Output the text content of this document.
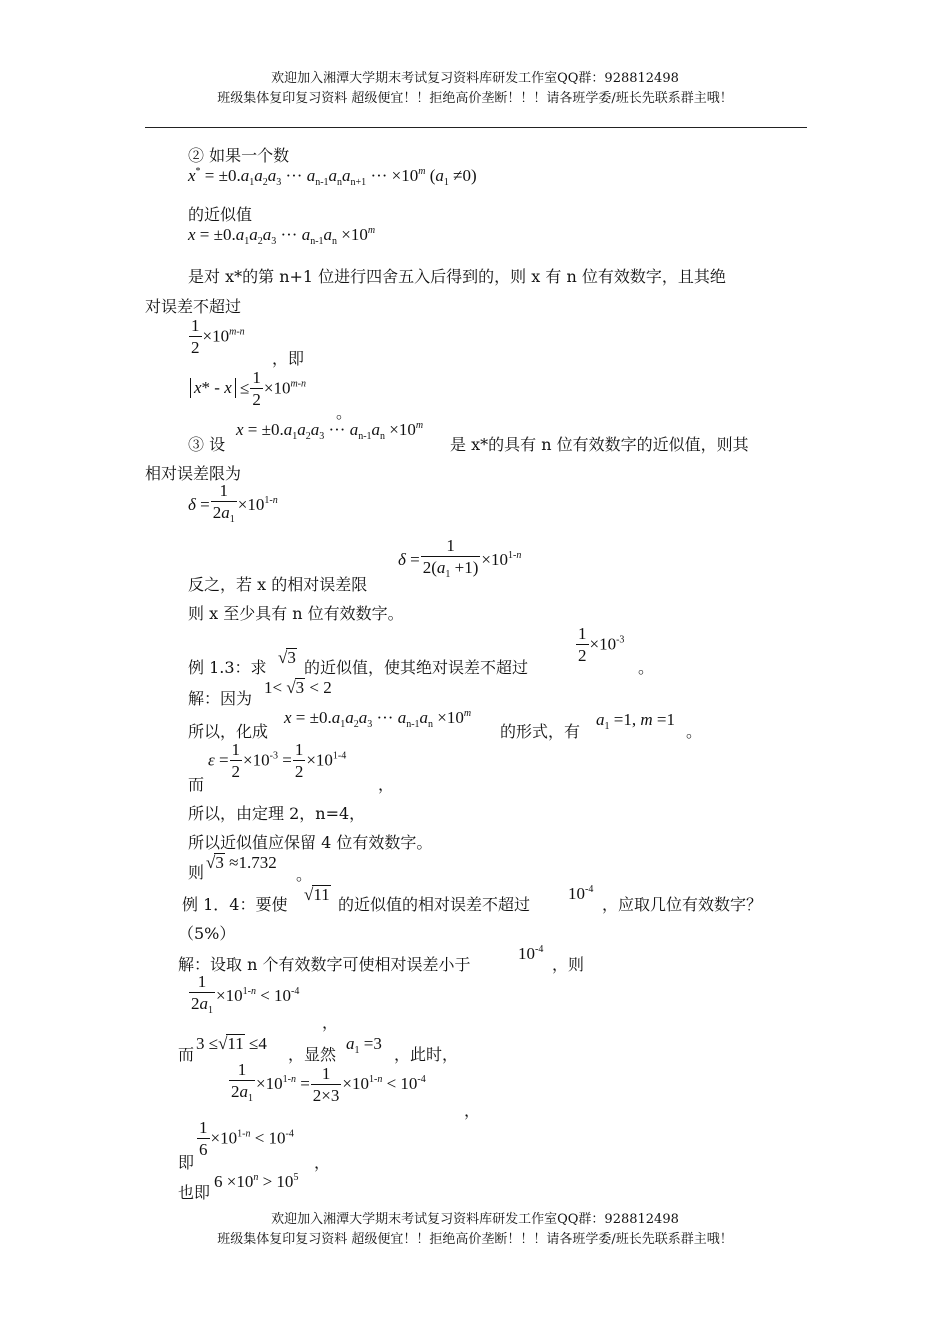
欢迎加入湘潭大学期末考试复习资料库研发工作室QQ群：928812498
班级集体复印复习资料 超级便宜！！拒绝高价垄断！！！请各班学委/班长先联系群主哦！
② 如果一个数
$x^* = \pm 0.a_1a_2a_3$ ··· $a_{n-1}a_na_{n+1}$ ··· $\times 10^m$ $(a_1 \ne 0)$
的近似值
$x = \pm 0.a_1a_2a_3$ ··· $a_{n-1}a_n \times 10^m$
是对 x*的第 n+1 位进行四舍五入后得到的，则 x 有 n 位有效数字，且其绝
对误差不超过
$\frac{1}{2} \times 10^{m-n}$
，即
$x* - x \le \frac{1}{2} \times 10^{m-n}$
。
③ 设
$x = \pm 0.a_1a_2a_3$ ··· $a_{n-1}a_n \times 10^m$
是 x*的具有 n 位有效数字的近似值，则其
相对误差限为
$\delta = \frac{1}{2a_1} \times 10^{1-n}$
$\delta = \frac{1}{2(a_1 +1)} \times 10^{1-n}$
反之，若 x 的相对误差限
则 x 至少具有 n 位有效数字。
例 1.3：求
√3
的近似值，使其绝对误差不超过
$\frac{1}{2} \times 10^{-3}$
。
解：因为
1< √3 < 2
所以，化成
$x = \pm 0.a_1a_2a_3$ ··· $a_{n-1}a_n \times 10^m$
的形式，有
$a_1 =1$, m =1
。
而
$\varepsilon = \frac{1}{2} \times 10^{-3} = \frac{1}{2} \times 10^{1-4}$
，
所以，由定理 2，n=4，
所以近似值应保留 4 位有效数字。
则
√3 ≈1.732
。
例 1．4：要使
√11
的近似值的相对误差不超过
$10^{-4}$
，应取几位有效数字？
（5%）
解：设取 n 个有效数字可使相对误差小于
$10^{-4}$
，则
$\frac{1}{2a_1} \times 10^{1-n} < 10^{-4}$
，
而
3 ≤√11 ≤4
，显然
$a_1 =3$
，此时，
$\frac{1}{2a_1} \times 10^{1-n} = \frac{1}{2\times 3} \times 10^{1-n} < 10^{-4}$
，
即
$\frac{1}{6} \times 10^{1-n} < 10^{-4}$
，
也即
$6 \times 10^n > 10^5$
欢迎加入湘潭大学期末考试复习资料库研发工作室QQ群：928812498
班级集体复印复习资料 超级便宜！！拒绝高价垄断！！！请各班学委/班长先联系群主哦！
